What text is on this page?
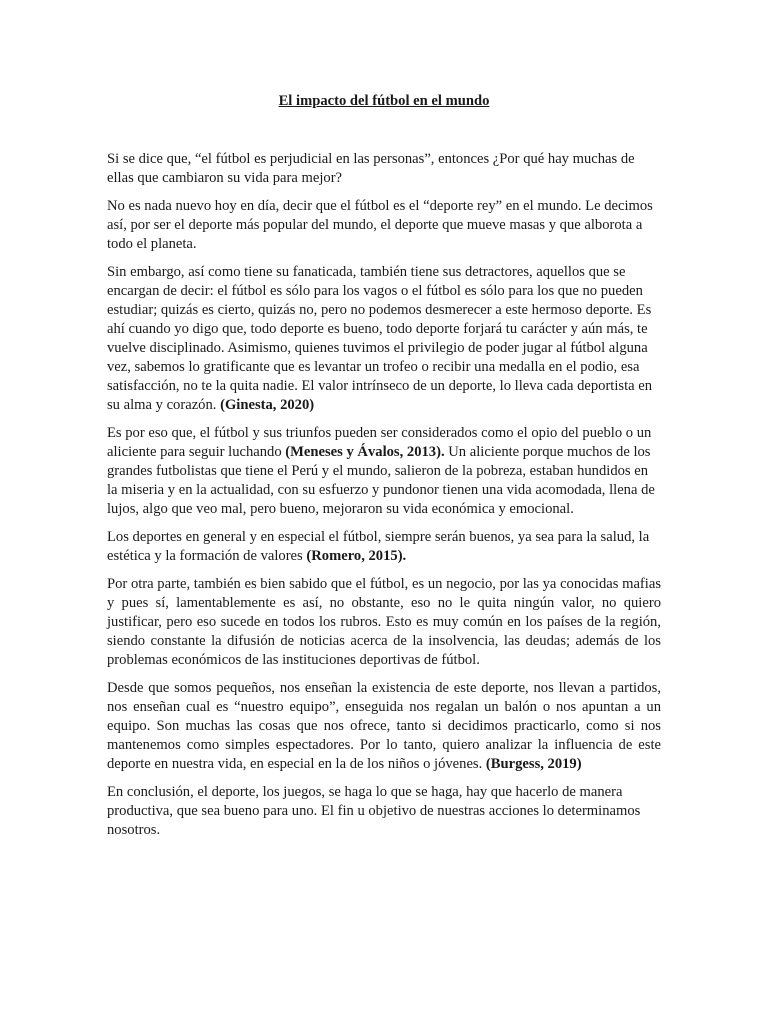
El impacto del fútbol en el mundo

Si se dice que, “el fútbol es perjudicial en las personas”, entonces ¿Por qué hay muchas de ellas que cambiaron su vida para mejor?

No es nada nuevo hoy en día, decir que el fútbol es el “deporte rey” en el mundo. Le decimos así, por ser el deporte más popular del mundo, el deporte que mueve masas y que alborota a todo el planeta.

Sin embargo, así como tiene su fanaticada, también tiene sus detractores, aquellos que se encargan de decir: el fútbol es sólo para los vagos o el fútbol es sólo para los que no pueden estudiar; quizás es cierto, quizás no, pero no podemos desmerecer a este hermoso deporte. Es ahí cuando yo digo que, todo deporte es bueno, todo deporte forjará tu carácter y aún más, te vuelve disciplinado. Asimismo, quienes tuvimos el privilegio de poder jugar al fútbol alguna vez, sabemos lo gratificante que es levantar un trofeo o recibir una medalla en el podio, esa satisfacción, no te la quita nadie. El valor intrínseco de un deporte, lo lleva cada deportista en su alma y corazón. (Ginesta, 2020)

Es por eso que, el fútbol y sus triunfos pueden ser considerados como el opio del pueblo o un aliciente para seguir luchando (Meneses y Ávalos, 2013). Un aliciente porque muchos de los grandes futbolistas que tiene el Perú y el mundo, salieron de la pobreza, estaban hundidos en la miseria y en la actualidad, con su esfuerzo y pundonor tienen una vida acomodada, llena de lujos, algo que veo mal, pero bueno, mejoraron su vida económica y emocional.

Los deportes en general y en especial el fútbol, siempre serán buenos, ya sea para la salud, la estética y la formación de valores (Romero, 2015).

Por otra parte, también es bien sabido que el fútbol, es un negocio, por las ya conocidas mafias y pues sí, lamentablemente es así, no obstante, eso no le quita ningún valor, no quiero justificar, pero eso sucede en todos los rubros. Esto es muy común en los países de la región, siendo constante la difusión de noticias acerca de la insolvencia, las deudas; además de los problemas económicos de las instituciones deportivas de fútbol.

Desde que somos pequeños, nos enseñan la existencia de este deporte, nos llevan a partidos, nos enseñan cual es “nuestro equipo”, enseguida nos regalan un balón o nos apuntan a un equipo. Son muchas las cosas que nos ofrece, tanto si decidimos practicarlo, como si nos mantenemos como simples espectadores. Por lo tanto, quiero analizar la influencia de este deporte en nuestra vida, en especial en la de los niños o jóvenes. (Burgess, 2019)

En conclusión, el deporte, los juegos, se haga lo que se haga, hay que hacerlo de manera productiva, que sea bueno para uno. El fin u objetivo de nuestras acciones lo determinamos nosotros.
